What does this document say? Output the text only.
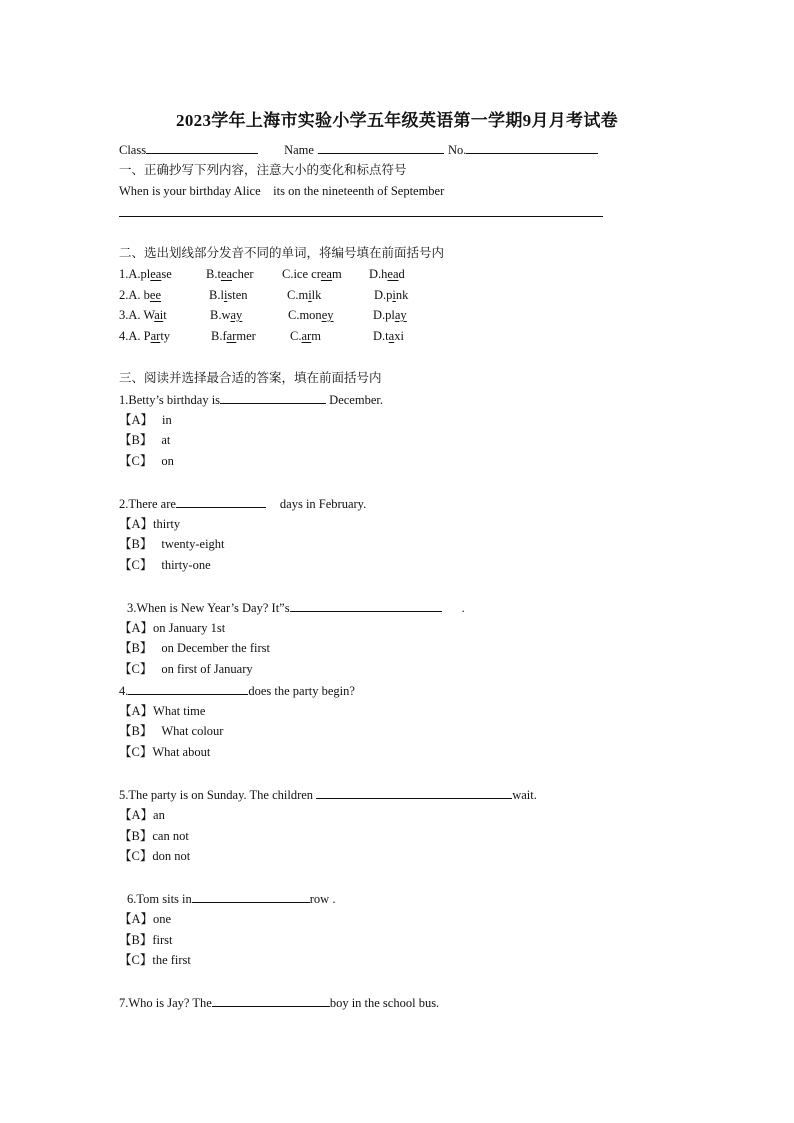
2023学年上海市实验小学五年级英语第一学期9月月考试卷
Class	Name	No.
一、正确抄写下列内容，注意大小的变化和标点符号
When is your birthday Alice    its on the nineteenth of September
二、选出划线部分发音不同的单词，将编号填在前面括号内
1.A.please	B.teacher C.ice cream D.head
2.A. bee	B.listen	C.milk	D.pink
3.A. Wait	B.way	C.money	D.play
4.A. Party	B.farmer	C.arm	D.taxi
三、阅读并选择最合适的答案，填在前面括号内
1.Betty’s birthday is	December.
【A】 in
【B】 at
【C】 on
2.There are	days in February.
【A】thirty
【B】 twenty-eight
【C】 thirty-one
3.When is New Year’s Day? It”s	.
【A】on January 1st
【B】 on December the first
【C】 on first of January
4.	does the party begin?
【A】What time
【B】 What colour
【C】What about
5.The party is on Sunday. The children	wait.
【A】an
【B】can not
【C】don not
6.Tom sits in	row .
【A】one
【B】first
【C】the first
7.Who is Jay? The	boy in the school bus.
